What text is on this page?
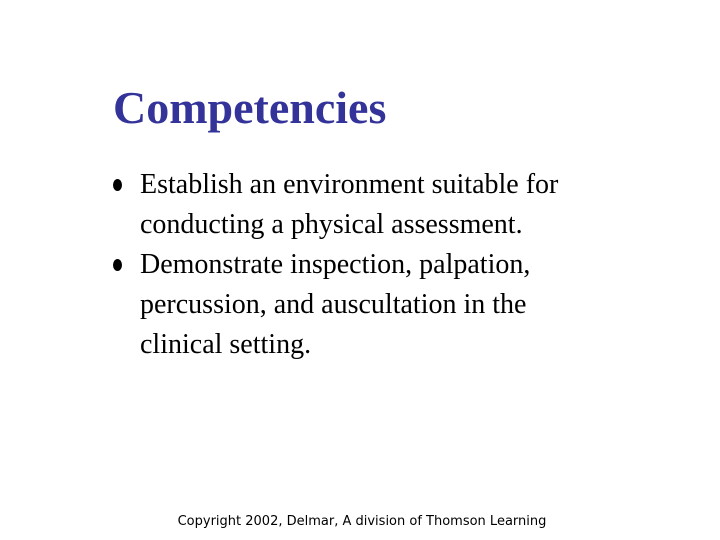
Competencies
Establish an environment suitable for conducting a physical assessment.
Demonstrate inspection, palpation, percussion, and auscultation in the clinical setting.
Copyright 2002, Delmar, A division of Thomson Learning
